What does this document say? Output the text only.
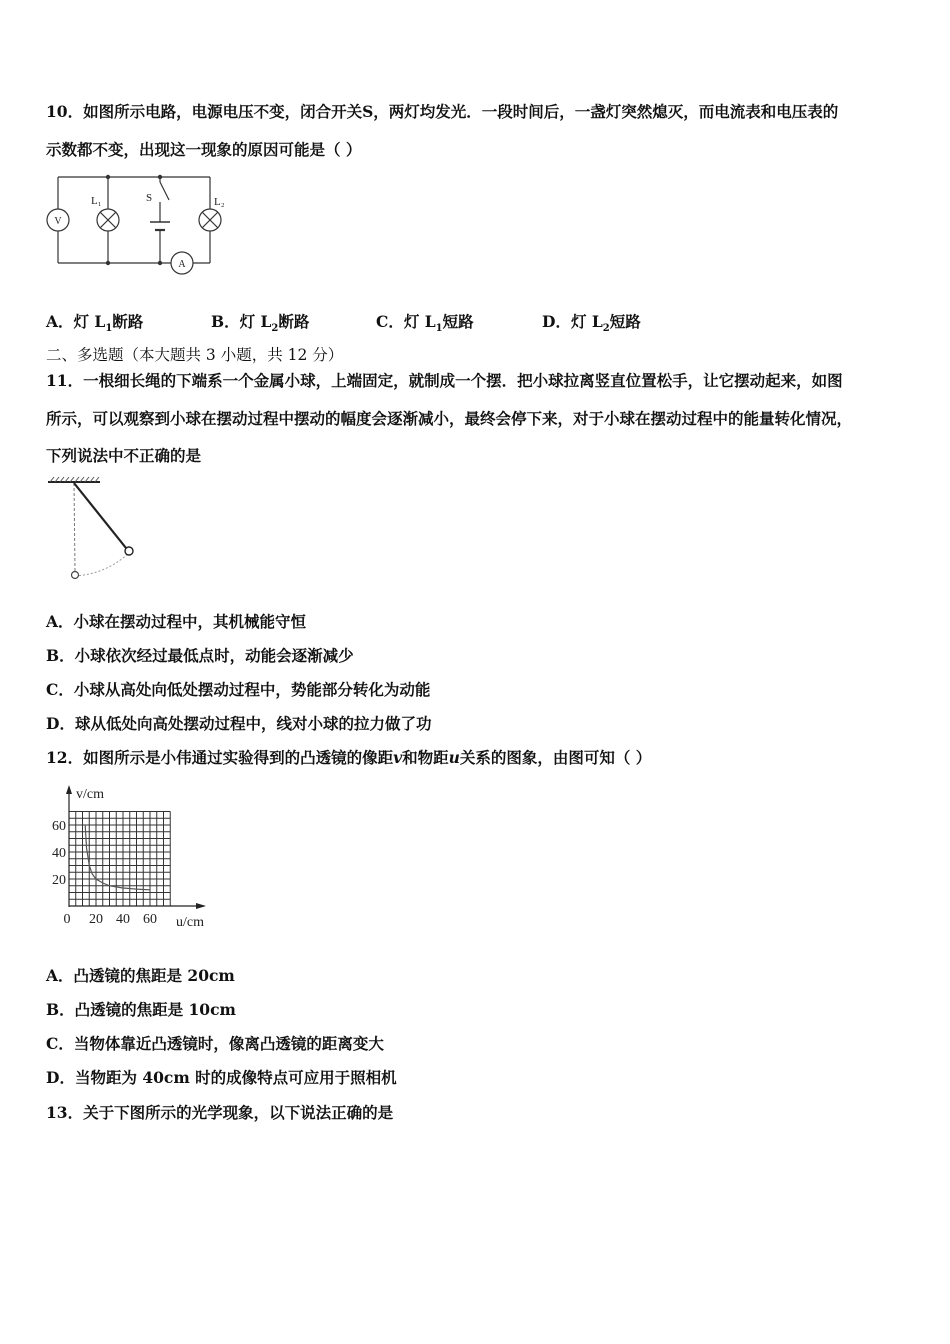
10．如图所示电路，电源电压不变，闭合开关S，两灯均发光．一段时间后，一盏灯突然熄灭，而电流表和电压表的
示数都不变，出现这一现象的原因可能是（ ）
V
A
L₁	L₂
S
A．灯 $L_1$断路	B．灯 $L_2$断路	C．灯 $L_1$短路	D．灯 $L_2$短路
二、多选题（本大题共 3 小题，共 12 分）
11．一根细长绳的下端系一个金属小球，上端固定，就制成一个摆．把小球拉离竖直位置松手，让它摆动起来，如图
所示，可以观察到小球在摆动过程中摆动的幅度会逐渐减小，最终会停下来，对于小球在摆动过程中的能量转化情况，
下列说法中不正确的是
A．小球在摆动过程中，其机械能守恒
B．小球依次经过最低点时，动能会逐渐减少
C．小球从高处向低处摆动过程中，势能部分转化为动能
D．球从低处向高处摆动过程中，线对小球的拉力做了功
12．如图所示是小伟通过实验得到的凸透镜的像距v和物距u关系的图象，由图可知（ ）
v/cm
u/cm
20
40
60
0 20 40 60
A．凸透镜的焦距是 20cm
B．凸透镜的焦距是 10cm
C．当物体靠近凸透镜时，像离凸透镜的距离变大
D．当物距为 40cm 时的成像特点可应用于照相机
13．关于下图所示的光学现象，以下说法正确的是
